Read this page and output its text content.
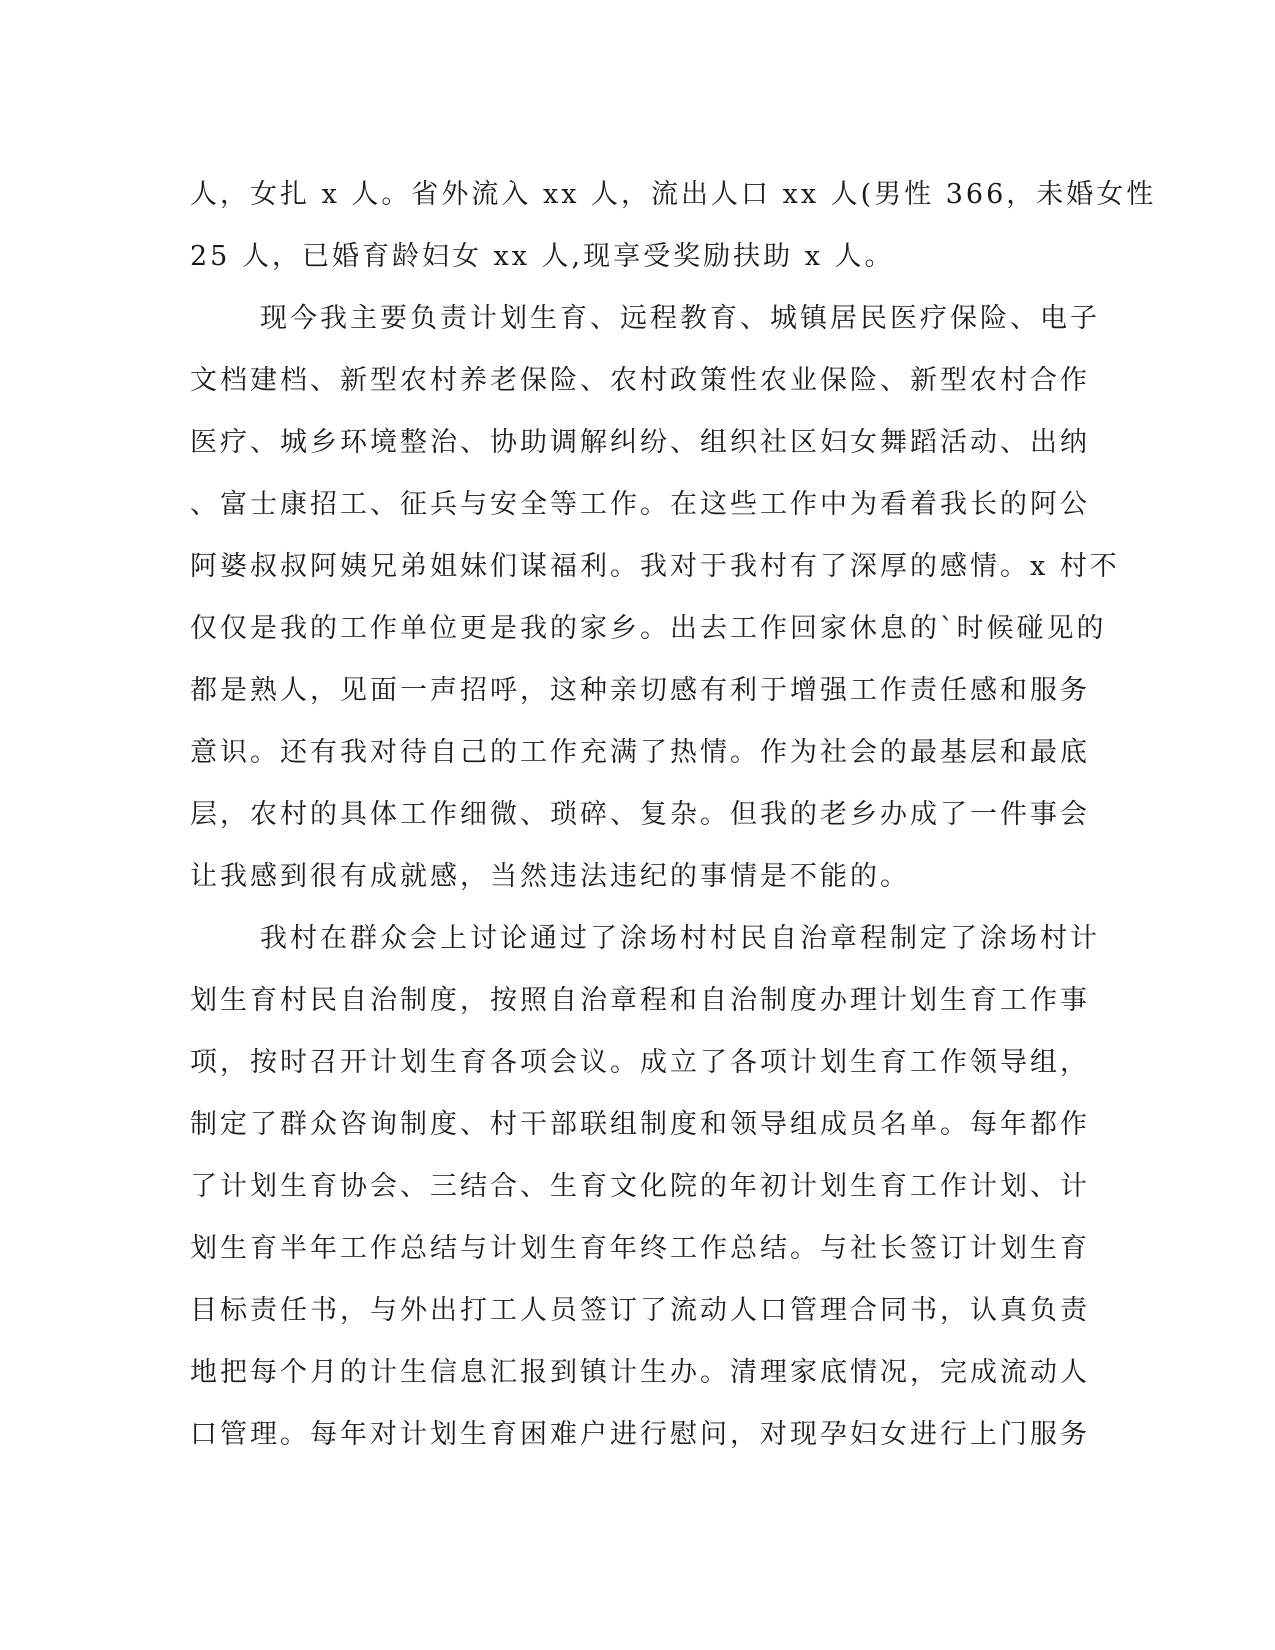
人，女扎 x 人。省外流入 xx 人，流出人口 xx 人(男性 366，未婚女性
25 人，已婚育龄妇女 xx 人,现享受奖励扶助 x 人。
现今我主要负责计划生育、远程教育、城镇居民医疗保险、电子
文档建档、新型农村养老保险、农村政策性农业保险、新型农村合作
医疗、城乡环境整治、协助调解纠纷、组织社区妇女舞蹈活动、出纳
、富士康招工、征兵与安全等工作。在这些工作中为看着我长的阿公
阿婆叔叔阿姨兄弟姐妹们谋福利。我对于我村有了深厚的感情。x 村不
仅仅是我的工作单位更是我的家乡。出去工作回家休息的`时候碰见的
都是熟人，见面一声招呼，这种亲切感有利于增强工作责任感和服务
意识。还有我对待自己的工作充满了热情。作为社会的最基层和最底
层，农村的具体工作细微、琐碎、复杂。但我的老乡办成了一件事会
让我感到很有成就感，当然违法违纪的事情是不能的。
我村在群众会上讨论通过了涂场村村民自治章程制定了涂场村计
划生育村民自治制度，按照自治章程和自治制度办理计划生育工作事
项，按时召开计划生育各项会议。成立了各项计划生育工作领导组，
制定了群众咨询制度、村干部联组制度和领导组成员名单。每年都作
了计划生育协会、三结合、生育文化院的年初计划生育工作计划、计
划生育半年工作总结与计划生育年终工作总结。与社长签订计划生育
目标责任书，与外出打工人员签订了流动人口管理合同书，认真负责
地把每个月的计生信息汇报到镇计生办。清理家底情况，完成流动人
口管理。每年对计划生育困难户进行慰问，对现孕妇女进行上门服务
